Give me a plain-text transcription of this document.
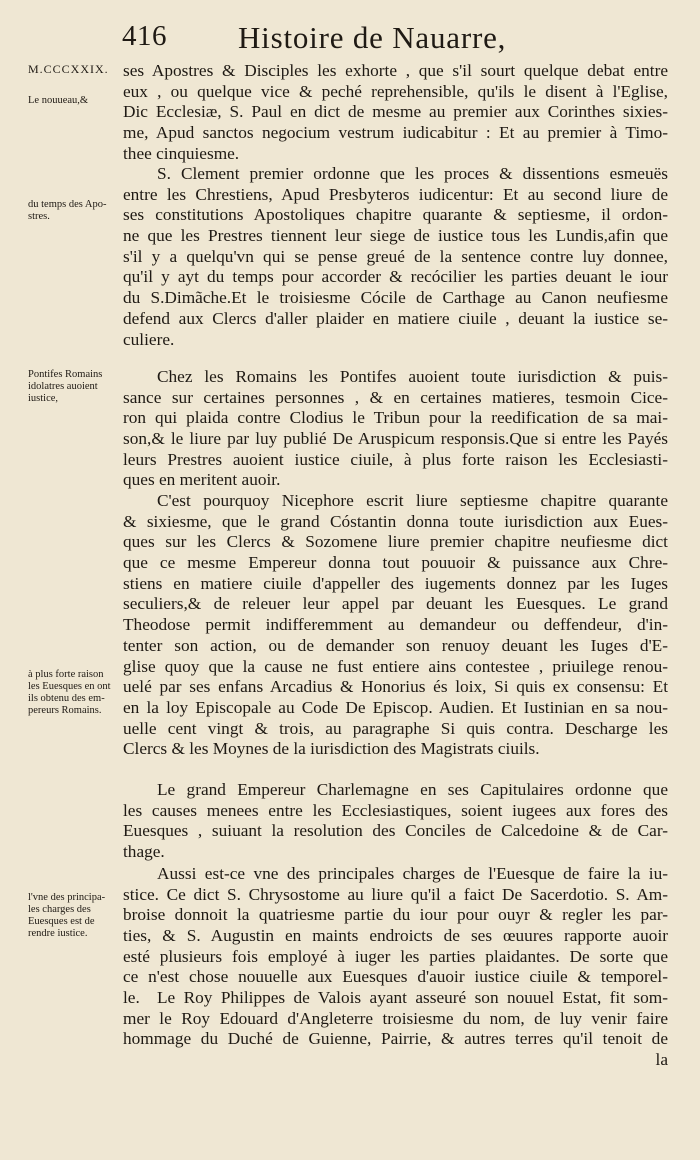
416 Histoire de Nauarre,
M.CCCXXIX.
Le nouueau,&
du temps des Apo-
stres.
Pontifes Romains
idolatres auoient
iustice,
à plus forte raison
les Euesques en ont
ils obtenu des em-
pereurs Romains.
l'vne des principa-
les charges des
Euesques est de
rendre iustice.
ses Apostres & Disciples les exhorte , que s'il sourt quelque debat entre
eux , ou quelque vice & peché reprehensible, qu'ils le disent à l'Eglise,
Dic Ecclesiæ, S. Paul en dict de mesme au premier aux Corinthes sixies-
me, Apud sanctos negocium vestrum iudicabitur : Et au premier à Timo-
thee cinquiesme.
S. Clement premier ordonne que les proces & dissentions esmeuës
entre les Chrestiens, Apud Presbyteros iudicentur: Et au second liure de
ses constitutions Apostoliques chapitre quarante & septiesme, il ordon-
ne que les Prestres tiennent leur siege de iustice tous les Lundis,afin que
s'il y a quelqu'vn qui se pense greué de la sentence contre luy donnee,
qu'il y ayt du temps pour accorder & recócilier les parties deuant le iour
du S.Dimãche.Et le troisiesme Cócile de Carthage au Canon neufiesme
defend aux Clercs d'aller plaider en matiere ciuile , deuant la iustice se-
culiere.
Chez les Romains les Pontifes auoient toute iurisdiction & puis-
sance sur certaines personnes , & en certaines matieres, tesmoin Cice-
ron qui plaida contre Clodius le Tribun pour la reedification de sa mai-
son,& le liure par luy publié De Aruspicum responsis.Que si entre les Payés
leurs Prestres auoient iustice ciuile, à plus forte raison les Ecclesiasti-
ques en meritent auoir.
C'est pourquoy Nicephore escrit liure septiesme chapitre quarante
& sixiesme, que le grand Cóstantin donna toute iurisdiction aux Eues-
ques sur les Clercs & Sozomene liure premier chapitre neufiesme dict
que ce mesme Empereur donna tout pouuoir & puissance aux Chre-
stiens en matiere ciuile d'appeller des iugements donnez par les Iuges
seculiers,& de releuer leur appel par deuant les Euesques. Le grand
Theodose permit indifferemment au demandeur ou deffendeur, d'in-
tenter son action, ou de demander son renuoy deuant les Iuges d'E-
glise quoy que la cause ne fust entiere ains contestee , priuilege renou-
uelé par ses enfans Arcadius & Honorius és loix, Si quis ex consensu: Et
en la loy Episcopale au Code De Episcop. Audien. Et Iustinian en sa nou-
uelle cent vingt & trois, au paragraphe Si quis contra. Descharge les
Clercs & les Moynes de la iurisdiction des Magistrats ciuils.
Le grand Empereur Charlemagne en ses Capitulaires ordonne que
les causes menees entre les Ecclesiastiques, soient iugees aux fores des
Euesques , suiuant la resolution des Conciles de Calcedoine & de Car-
thage.
Aussi est-ce vne des principales charges de l'Euesque de faire la iu-
stice. Ce dict S. Chrysostome au liure qu'il a faict De Sacerdotio. S. Am-
broise donnoit la quatriesme partie du iour pour ouyr & regler les par-
ties, & S. Augustin en maints endroicts de ses œuures rapporte auoir
esté plusieurs fois employé à iuger les parties plaidantes. De sorte que
ce n'est chose nouuelle aux Euesques d'auoir iustice ciuile & temporel-
le. Le Roy Philippes de Valois ayant asseuré son nouuel Estat, fit som-
mer le Roy Edouard d'Angleterre troisiesme du nom, de luy venir faire
hommage du Duché de Guienne, Pairrie, & autres terres qu'il tenoit de
la
